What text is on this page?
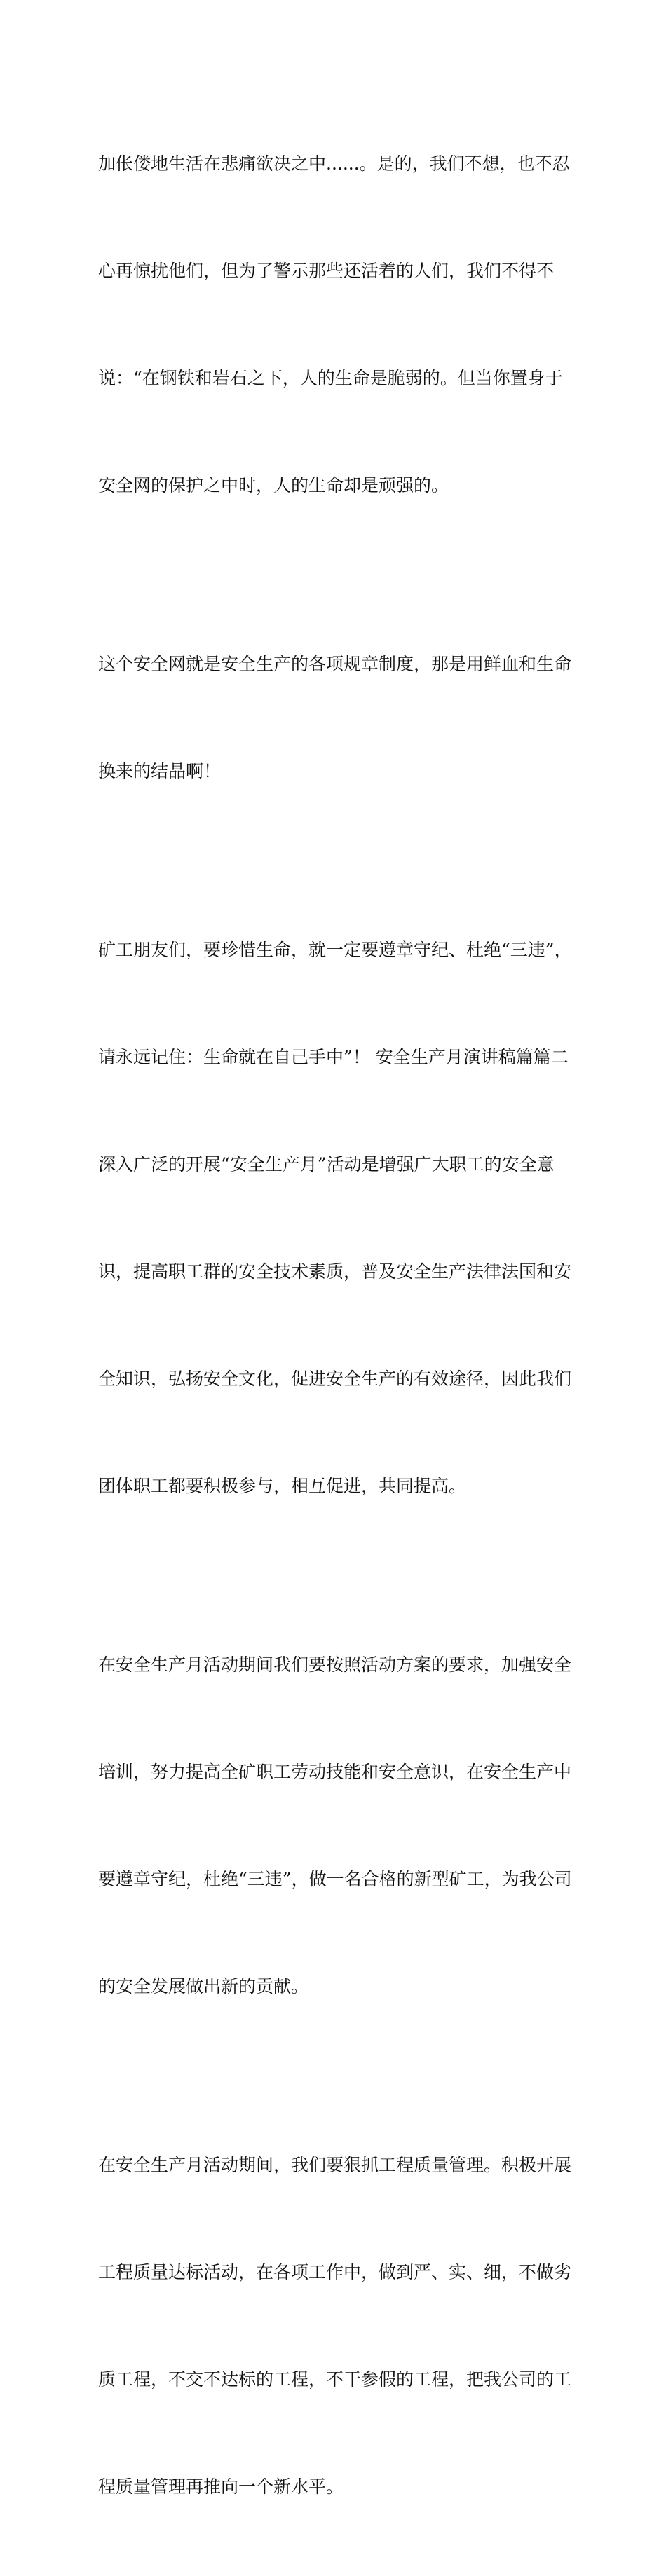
加伥偻地生活在悲痛欲决之中......。是的，我们不想，也不忍

心再惊扰他们，但为了警示那些还活着的人们，我们不得不

说：“在钢铁和岩石之下，人的生命是脆弱的。但当你置身于

安全网的保护之中时，人的生命却是顽强的。

这个安全网就是安全生产的各项规章制度，那是用鲜血和生命

换来的结晶啊！

矿工朋友们，要珍惜生命，就一定要遵章守纪、杜绝“三违”，

请永远记住：生命就在自己手中”！ 安全生产月演讲稿篇篇二

深入广泛的开展“安全生产月”活动是增强广大职工的安全意

识，提高职工群的安全技术素质，普及安全生产法律法国和安

全知识，弘扬安全文化，促进安全生产的有效途径，因此我们

团体职工都要积极参与，相互促进，共同提高。

在安全生产月活动期间我们要按照活动方案的要求，加强安全

培训，努力提高全矿职工劳动技能和安全意识，在安全生产中

要遵章守纪，杜绝“三违”，做一名合格的新型矿工，为我公司

的安全发展做出新的贡献。

在安全生产月活动期间，我们要狠抓工程质量管理。积极开展

工程质量达标活动，在各项工作中，做到严、实、细，不做劣

质工程，不交不达标的工程，不干参假的工程，把我公司的工

程质量管理再推向一个新水平。
